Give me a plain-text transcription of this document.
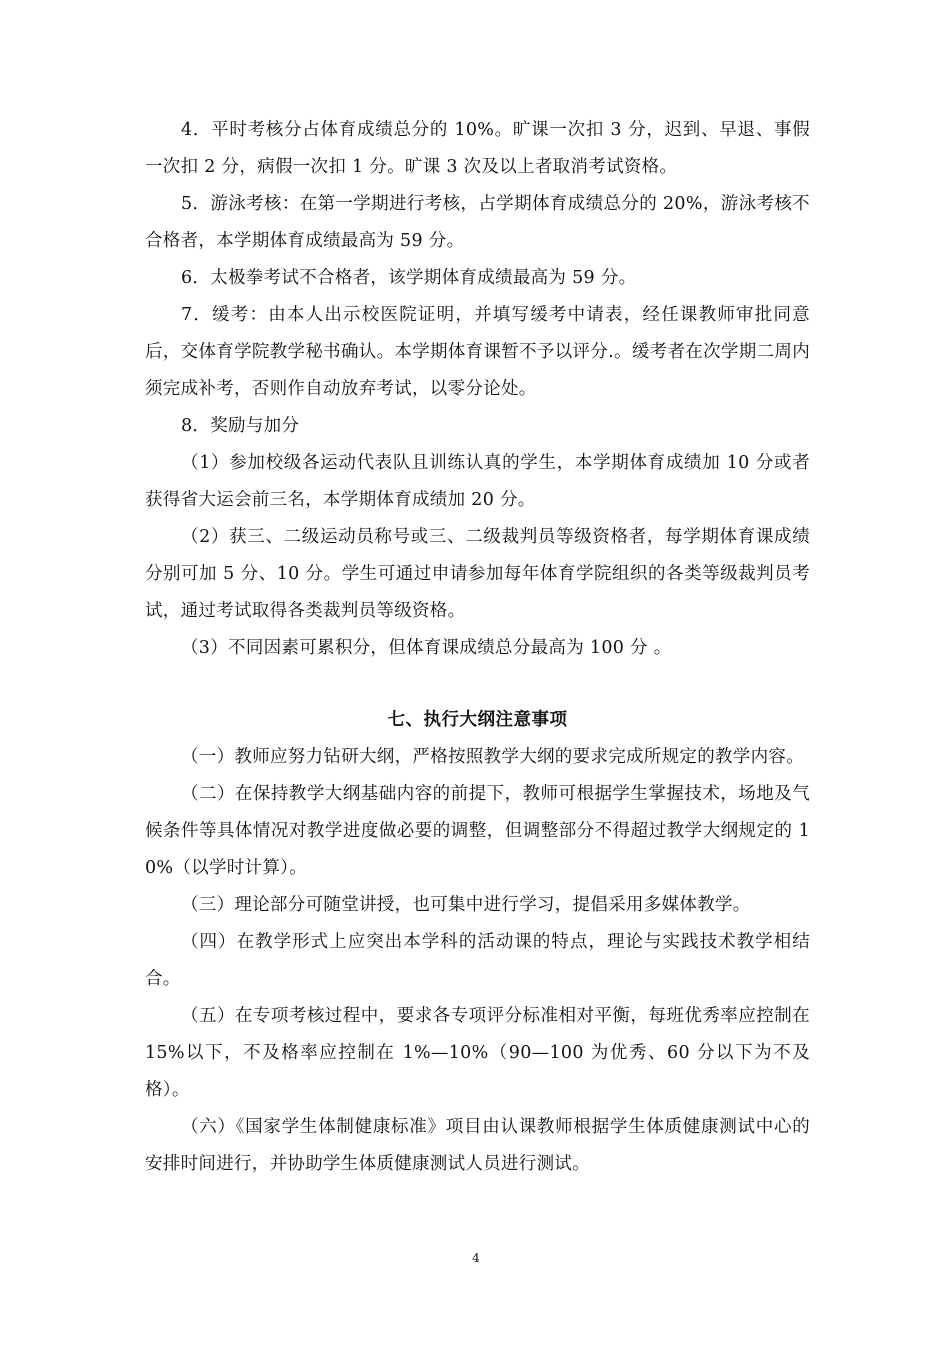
4．平时考核分占体育成绩总分的 10%。旷课一次扣 3 分，迟到、早退、事假一次扣 2 分，病假一次扣 1 分。旷课 3 次及以上者取消考试资格。

5．游泳考核：在第一学期进行考核，占学期体育成绩总分的 20%，游泳考核不合格者，本学期体育成绩最高为 59 分。

6．太极拳考试不合格者，该学期体育成绩最高为 59 分。

7．缓考：由本人出示校医院证明，并填写缓考中请表，经任课教师审批同意后，交体育学院教学秘书确认。本学期体育课暂不予以评分.。缓考者在次学期二周内须完成补考，否则作自动放弃考试，以零分论处。

8．奖励与加分

（1）参加校级各运动代表队且训练认真的学生，本学期体育成绩加 10 分或者获得省大运会前三名，本学期体育成绩加 20 分。

（2）获三、二级运动员称号或三、二级裁判员等级资格者，每学期体育课成绩分别可加 5 分、10 分。学生可通过申请参加每年体育学院组织的各类等级裁判员考试，通过考试取得各类裁判员等级资格。

（3）不同因素可累积分，但体育课成绩总分最高为 100 分 。

七、执行大纲注意事项

（一）教师应努力钻研大纲，严格按照教学大纲的要求完成所规定的教学内容。

（二）在保持教学大纲基础内容的前提下，教师可根据学生掌握技术，场地及气候条件等具体情况对教学进度做必要的调整，但调整部分不得超过教学大纲规定的 10%（以学时计算）。

（三）理论部分可随堂讲授，也可集中进行学习，提倡采用多媒体教学。

（四）在教学形式上应突出本学科的活动课的特点，理论与实践技术教学相结合。

（五）在专项考核过程中，要求各专项评分标准相对平衡，每班优秀率应控制在 15%以下，不及格率应控制在 1%—10%（90—100 为优秀、60 分以下为不及格）。

（六）《国家学生体制健康标准》项目由认课教师根据学生体质健康测试中心的安排时间进行，并协助学生体质健康测试人员进行测试。

4
